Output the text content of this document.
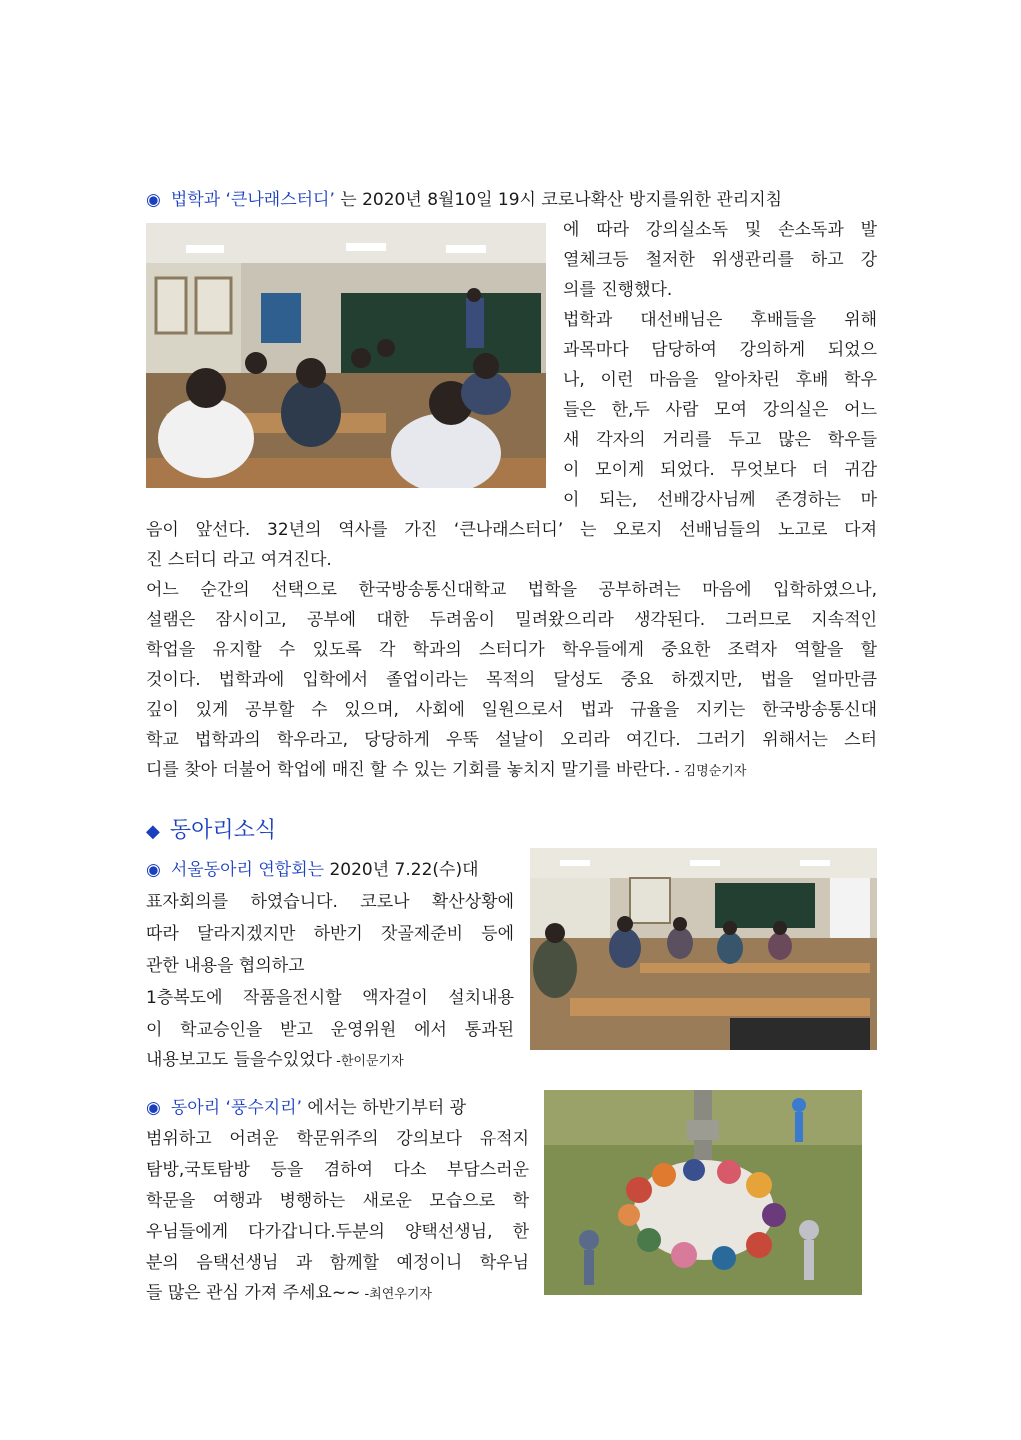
◉ 법학과 ‘큰나래스터디’ 는 2020년 8월10일 19시 코로나확산 방지를위한 관리지침
에 따라 강의실소독 및 손소독과 발
열체크등 철저한 위생관리를 하고 강
의를 진행했다.
법학과 대선배님은 후배들을 위해
과목마다 담당하여 강의하게 되었으
나, 이런 마음을 알아차린 후배 학우
들은 한,두 사람 모여 강의실은 어느
새 각자의 거리를 두고 많은 학우들
이 모이게 되었다. 무엇보다 더 귀감
이 되는, 선배강사님께 존경하는 마
음이 앞선다. 32년의 역사를 가진 ‘큰나래스터디’ 는 오로지 선배님들의 노고로 다져
진 스터디 라고 여겨진다.
어느 순간의 선택으로 한국방송통신대학교 법학을 공부하려는 마음에 입학하였으나,
설램은 잠시이고, 공부에 대한 두려움이 밀려왔으리라 생각된다. 그러므로 지속적인
학업을 유지할 수 있도록 각 학과의 스터디가 학우들에게 중요한 조력자 역할을 할
것이다. 법학과에 입학에서 졸업이라는 목적의 달성도 중요 하겠지만, 법을 얼마만큼
깊이 있게 공부할 수 있으며, 사회에 일원으로서 법과 규율을 지키는 한국방송통신대
학교 법학과의 학우라고, 당당하게 우뚝 설날이 오리라 여긴다. 그러기 위해서는 스터
디를 찾아 더불어 학업에 매진 할 수 있는 기회를 놓치지 말기를 바란다. - 김명순기자
◆ 동아리소식
◉ 서울동아리 연합회는 2020년 7.22(수)대
표자회의를 하였습니다. 코로나 확산상황에
따라 달라지겠지만 하반기 잣골제준비 등에
관한 내용을 협의하고
1층복도에 작품을전시할 액자걸이 설치내용
이 학교승인을 받고 운영위원 에서 통과된
내용보고도 들을수있었다 -한이문기자
◉ 동아리 ‘풍수지리’ 에서는 하반기부터 광
범위하고 어려운 학문위주의 강의보다 유적지
탐방,국토탐방 등을 겸하여 다소 부담스러운
학문을 여행과 병행하는 새로운 모습으로 학
우님들에게 다가갑니다.두분의 양택선생님, 한
분의 음택선생님 과 함께할 예정이니 학우님
들 많은 관심 가져 주세요~~ -최연우기자
